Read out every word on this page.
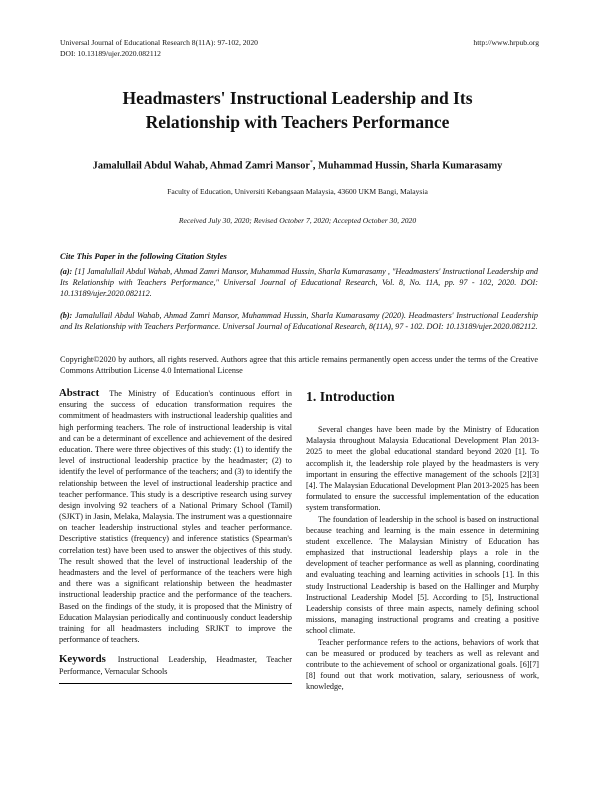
Universal Journal of Educational Research 8(11A): 97-102, 2020	http://www.hrpub.org
DOI: 10.13189/ujer.2020.082112
Headmasters' Instructional Leadership and Its
Relationship with Teachers Performance
Jamalullail Abdul Wahab, Ahmad Zamri Mansor*, Muhammad Hussin, Sharla Kumarasamy
Faculty of Education, Universiti Kebangsaan Malaysia, 43600 UKM Bangi, Malaysia
Received July 30, 2020; Revised October 7, 2020; Accepted October 30, 2020
Cite This Paper in the following Citation Styles
(a): [1] Jamalullail Abdul Wahab, Ahmad Zamri Mansor, Muhammad Hussin, Sharla Kumarasamy , "Headmasters' Instructional Leadership and Its Relationship with Teachers Performance," Universal Journal of Educational Research, Vol. 8, No. 11A, pp. 97 - 102, 2020. DOI: 10.13189/ujer.2020.082112.
(b): Jamalullail Abdul Wahab, Ahmad Zamri Mansor, Muhammad Hussin, Sharla Kumarasamy (2020). Headmasters' Instructional Leadership and Its Relationship with Teachers Performance. Universal Journal of Educational Research, 8(11A), 97 - 102. DOI: 10.13189/ujer.2020.082112.
Copyright©2020 by authors, all rights reserved. Authors agree that this article remains permanently open access under the terms of the Creative Commons Attribution License 4.0 International License
Abstract The Ministry of Education's continuous effort in ensuring the success of education transformation requires the commitment of headmasters with instructional leadership qualities and high performing teachers. The role of instructional leadership is vital and can be a determinant of excellence and achievement of the desired education. There were three objectives of this study: (1) to identify the level of instructional leadership practice by the headmaster; (2) to identify the level of performance of the teachers; and (3) to identify the relationship between the level of instructional leadership practice and teacher performance. This study is a descriptive research using survey design involving 92 teachers of a National Primary School (Tamil) (SJKT) in Jasin, Melaka, Malaysia. The instrument was a questionnaire on teacher leadership instructional styles and teacher performance. Descriptive statistics (frequency) and inference statistics (Spearman's correlation test) have been used to answer the objectives of this study. The result showed that the level of instructional leadership of the headmasters and the level of performance of the teachers were high and there was a significant relationship between the headmaster instructional leadership practice and the performance of the teachers. Based on the findings of the study, it is proposed that the Ministry of Education Malaysian periodically and continuously conduct leadership training for all headmasters including SRJKT to improve the performance of teachers.
Keywords Instructional Leadership, Headmaster, Teacher Performance, Vernacular Schools
1. Introduction

Several changes have been made by the Ministry of Education Malaysia throughout Malaysia Educational Development Plan 2013-2025 to meet the global educational standard beyond 2020 [1]. To accomplish it, the leadership role played by the headmasters is very important in ensuring the effective management of the schools [2][3][4]. The Malaysian Educational Development Plan 2013-2025 has been formulated to ensure the successful implementation of the education system transformation.

The foundation of leadership in the school is based on instructional because teaching and learning is the main essence in determining student excellence. The Malaysian Ministry of Education has emphasized that instructional leadership plays a role in the development of teacher performance as well as planning, coordinating and evaluating teaching and learning activities in schools [1]. In this study Instructional Leadership is based on the Hallinger and Murphy Instructional Leadership Model [5]. According to [5], Instructional Leadership consists of three main aspects, namely defining school missions, managing instructional programs and creating a positive school climate.

Teacher performance refers to the actions, behaviors of work that can be measured or produced by teachers as well as relevant and contribute to the achievement of school or organizational goals. [6][7][8] found out that work motivation, salary, seriousness of work, knowledge,
